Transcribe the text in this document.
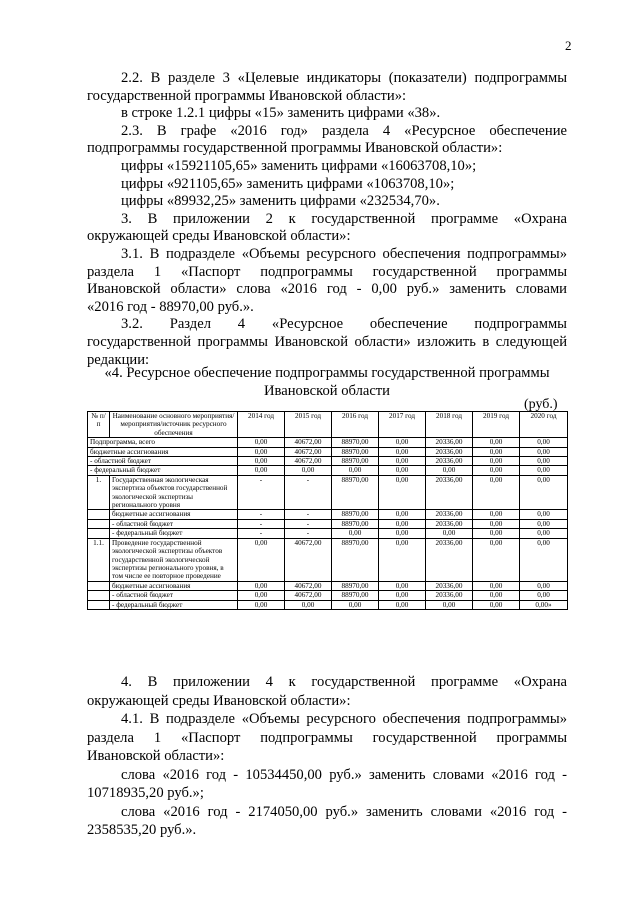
2

2.2. В разделе 3 «Целевые индикаторы (показатели) подпрограммы

государственной программы Ивановской области»:

в строке 1.2.1 цифры «15» заменить цифрами «38».

2.3. В графе «2016 год» раздела 4 «Ресурсное обеспечение

подпрограммы государственной программы Ивановской области»:

цифры «15921105,65» заменить цифрами «16063708,10»;

цифры «921105,65» заменить цифрами «1063708,10»;

цифры «89932,25» заменить цифрами «232534,70».

3. В приложении 2 к государственной программе «Охрана

окружающей среды Ивановской области»:

3.1. В подразделе «Объемы ресурсного обеспечения подпрограммы»

раздела 1 «Паспорт подпрограммы государственной программы

Ивановской области» слова «2016 год - 0,00 руб.» заменить словами

«2016 год - 88970,00 руб.».

3.2. Раздел 4 «Ресурсное обеспечение подпрограммы

государственной программы Ивановской области» изложить в следующей

редакции:

«4. Ресурсное обеспечение подпрограммы государственной программы

Ивановской области

(руб.)
№ п/п	Наименование основного мероприятия/ мероприятия/источник ресурсного обеспечения	2014 год	2015 год	2016 год	2017 год	2018 год	2019 год	2020 год
Подпрограмма, всего		0,00	40672,00	88970,00	0,00	20336,00	0,00	0,00
бюджетные ассигнования		0,00	40672,00	88970,00	0,00	20336,00	0,00	0,00
- областной бюджет		0,00	40672,00	88970,00	0,00	20336,00	0,00	0,00
- федеральный бюджет		0,00	0,00	0,00	0,00	0,00	0,00	0,00
1.	Государственная экологическая экспертиза объектов государственной экологической экспертизы регионального уровня	-	-	88970,00	0,00	20336,00	0,00	0,00
	бюджетные ассигнования	-	-	88970,00	0,00	20336,00	0,00	0,00
	- областной бюджет	-	-	88970,00	0,00	20336,00	0,00	0,00
	- федеральный бюджет	-	-	0,00	0,00	0,00	0,00	0,00
1.1.	Проведение государственной экологической экспертизы объектов государственной экологической экспертизы регионального уровня, в том числе ее повторное проведение	0,00	40672,00	88970,00	0,00	20336,00	0,00	0,00
	бюджетные ассигнования	0,00	40672,00	88970,00	0,00	20336,00	0,00	0,00
	- областной бюджет	0,00	40672,00	88970,00	0,00	20336,00	0,00	0,00
	- федеральный бюджет	0,00	0,00	0,00	0,00	0,00	0,00	0,00»

4. В приложении 4 к государственной программе «Охрана

окружающей среды Ивановской области»:

4.1. В подразделе «Объемы ресурсного обеспечения подпрограммы»

раздела 1 «Паспорт подпрограммы государственной программы

Ивановской области»:

слова «2016 год - 10534450,00 руб.» заменить словами «2016 год -

10718935,20 руб.»;

слова «2016 год - 2174050,00 руб.» заменить словами «2016 год -

2358535,20 руб.».
